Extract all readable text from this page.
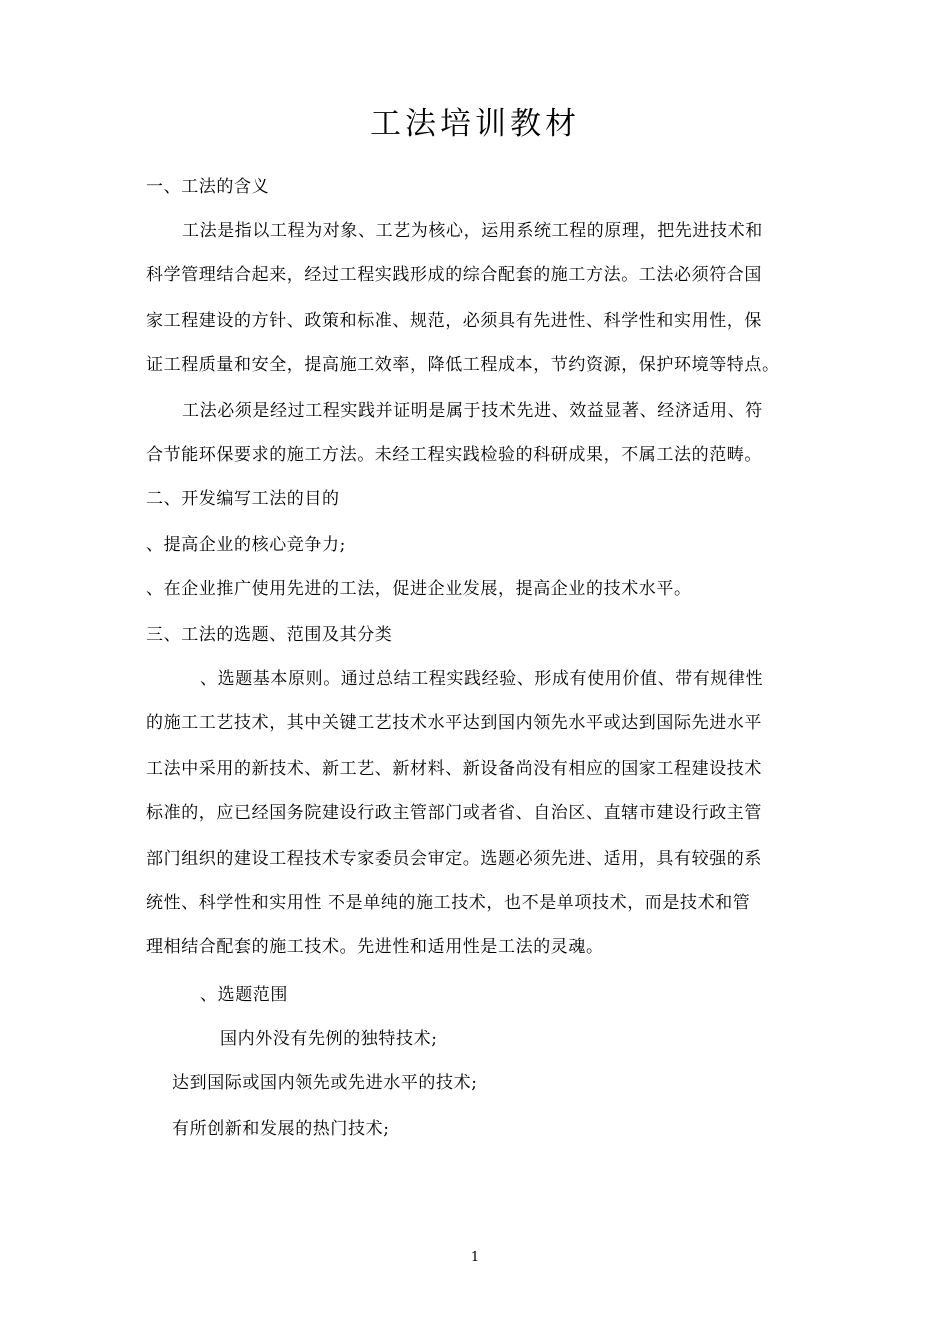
工法培训教材
一、工法的含义
工法是指以工程为对象、工艺为核心，运用系统工程的原理，把先进技术和
科学管理结合起来，经过工程实践形成的综合配套的施工方法。工法必须符合国
家工程建设的方针、政策和标准、规范，必须具有先进性、科学性和实用性，保
证工程质量和安全，提高施工效率，降低工程成本，节约资源，保护环境等特点。
工法必须是经过工程实践并证明是属于技术先进、效益显著、经济适用、符
合节能环保要求的施工方法。未经工程实践检验的科研成果，不属工法的范畴。
二、开发编写工法的目的
、提高企业的核心竞争力;
、在企业推广使用先进的工法，促进企业发展，提高企业的技术水平。
三、工法的选题、范围及其分类
、选题基本原则。通过总结工程实践经验、形成有使用价值、带有规律性
的施工工艺技术，其中关键工艺技术水平达到国内领先水平或达到国际先进水平
工法中采用的新技术、新工艺、新材料、新设备尚没有相应的国家工程建设技术
标准的，应已经国务院建设行政主管部门或者省、自治区、直辖市建设行政主管
部门组织的建设工程技术专家委员会审定。选题必须先进、适用，具有较强的系
统性、科学性和实用性 不是单纯的施工技术，也不是单项技术，而是技术和管
理相结合配套的施工技术。先进性和适用性是工法的灵魂。
、选题范围
国内外没有先例的独特技术;
达到国际或国内领先或先进水平的技术;
有所创新和发展的热门技术;
1
